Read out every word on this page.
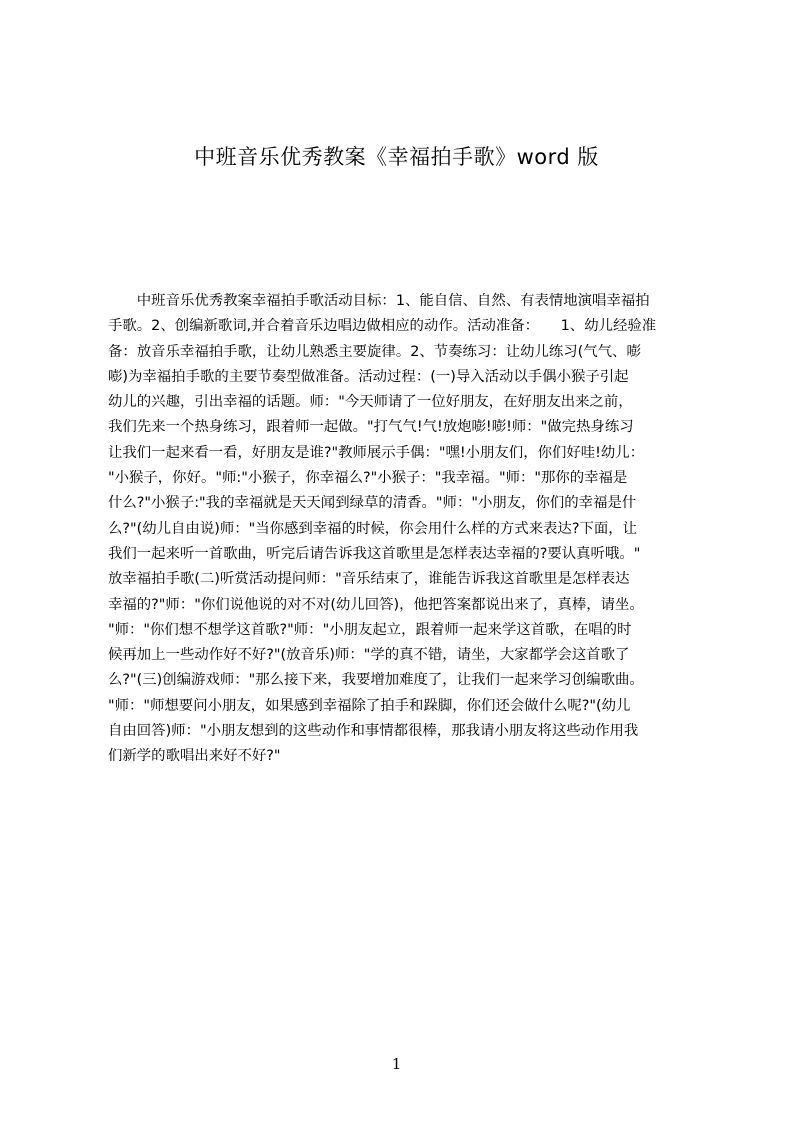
中班音乐优秀教案《幸福拍手歌》word 版
　　中班音乐优秀教案幸福拍手歌活动目标：1、能自信、自然、有表情地演唱幸福拍
手歌。2、创编新歌词,并合着音乐边唱边做相应的动作。活动准备：　　1、幼儿经验准
备：放音乐幸福拍手歌，让幼儿熟悉主要旋律。2、节奏练习：让幼儿练习(气气、嘭
嘭)为幸福拍手歌的主要节奏型做准备。活动过程：(一)导入活动以手偶小猴子引起
幼儿的兴趣，引出幸福的话题。师："今天师请了一位好朋友，在好朋友出来之前，
我们先来一个热身练习，跟着师一起做。"打气气!气!放炮嘭!嘭!师："做完热身练习
让我们一起来看一看，好朋友是谁?"教师展示手偶："嘿!小朋友们，你们好哇!幼儿：
"小猴子，你好。"师:"小猴子，你幸福么?"小猴子："我幸福。"师："那你的幸福是
什么?"小猴子:"我的幸福就是天天闻到绿草的清香。"师："小朋友，你们的幸福是什
么?"(幼儿自由说)师："当你感到幸福的时候，你会用什么样的方式来表达?下面，让
我们一起来听一首歌曲，听完后请告诉我这首歌里是怎样表达幸福的?要认真听哦。"
放幸福拍手歌(二)听赏活动提问师："音乐结束了，谁能告诉我这首歌里是怎样表达
幸福的?"师："你们说他说的对不对(幼儿回答)，他把答案都说出来了，真棒，请坐。
"师："你们想不想学这首歌?"师："小朋友起立，跟着师一起来学这首歌，在唱的时
候再加上一些动作好不好?"(放音乐)师："学的真不错，请坐，大家都学会这首歌了
么?"(三)创编游戏师："那么接下来，我要增加难度了，让我们一起来学习创编歌曲。
"师："师想要问小朋友，如果感到幸福除了拍手和跺脚，你们还会做什么呢?"(幼儿
自由回答)师："小朋友想到的这些动作和事情都很棒，那我请小朋友将这些动作用我
们新学的歌唱出来好不好?"
1
